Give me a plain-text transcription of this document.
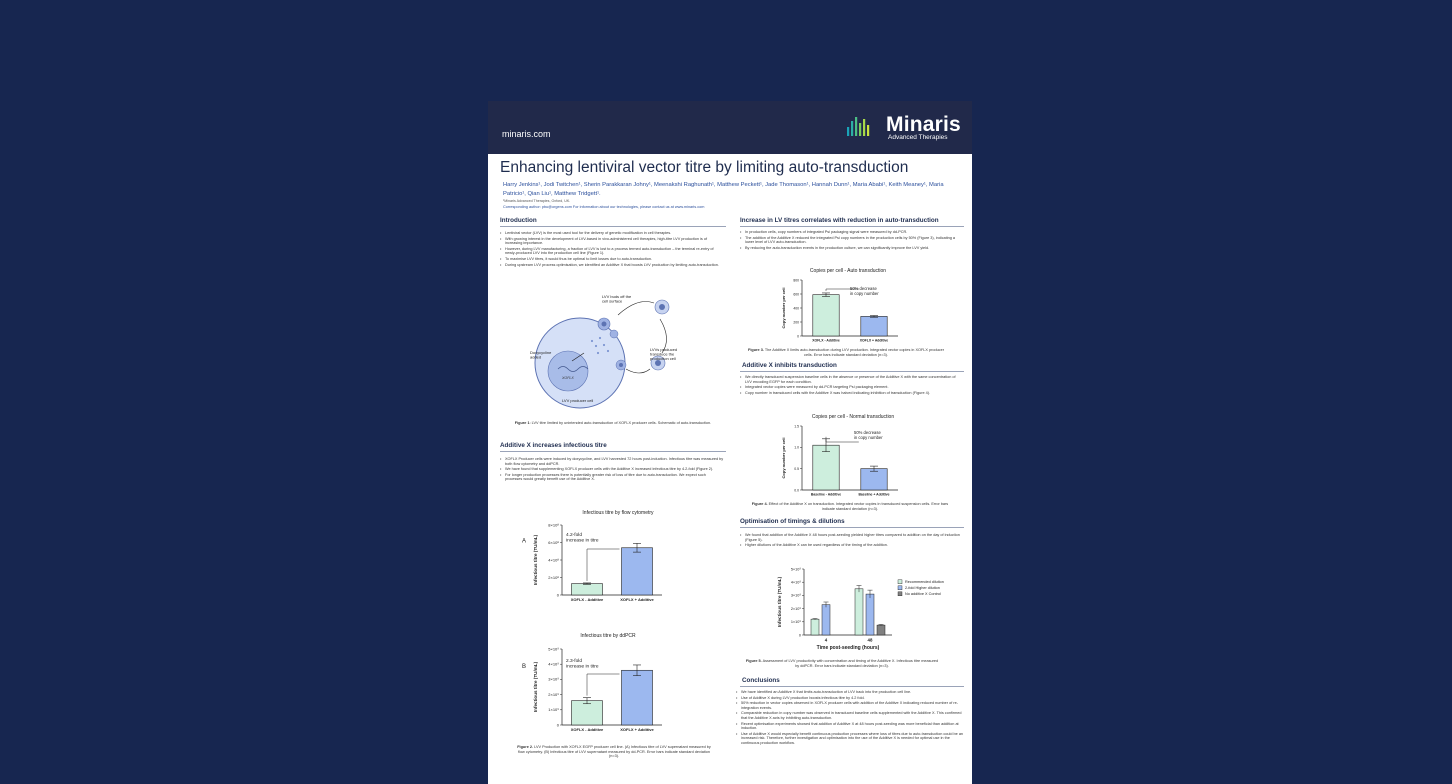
minaris.com	Minaris
Advanced Therapies
Enhancing lentiviral vector titre by limiting auto-transduction
Harry Jenkins¹, Jodi Twitchen¹, Sherin Parakkaran Johny¹, Meenakshi Raghunath¹, Matthew Peckett¹, Jade Thomason¹, Hannah Dunn¹, Maria Ababi¹, Keith Meaney¹, Maria Patricio¹, Qian Liu¹, Matthew Tridgett¹.
¹Minaris Advanced Therapies, Oxford, UK.
Corresponding author: pbu@orgens.com For information about our technologies, please contact us at www.minaris.com
Introduction
• Lentiviral vector (LVV) is the most used tool for the delivery of genetic modification in cell therapies.
• With growing interest in the development of LVV-based in vivo-administered cell therapies, high-titre LVV production is of increasing importance.
• However, during LVV manufacturing, a fraction of LVV is lost to a process termed auto-transduction – the terminal re-entry of newly-produced LVV into the production cell line (Figure 1).
• To maximise LVV titres, it would thus be optimal to limit losses due to auto-transduction.
• During upstream LVV process optimisation, we identified an Additive X that boosts LVV production by limiting auto-transduction.
XOFLX
LVV buds off the cell surface
Doxycycline added
LVVs produced transduce the production cell
LVV producer cell
Figure 1: LVV titre limited by unintended auto-transduction of XOFLX producer cells. Schematic of auto-transduction.
Additive X increases infectious titre
• XOFLX Producer cells were induced by doxycycline, and LVV harvested 72 hours post-induction. Infectious titre was measured by both flow cytometry and ddPCR.
• We have found that supplementing XOFLX producer cells with the Additive X increased infectious titre by 4.2-fold (Figure 2).
• For longer production processes there is potentially greater risk of loss of titre due to auto-transduction. We expect such processes would greatly benefit use of the Additive X.
Infectious titre by flow cytometry
0
2×10⁸
4×10⁸
6×10⁸
8×10⁸
Infectious titre (TU/mL)
XOFLX - Additive	XOFLX + Additive
4.2-fold increase in titre
A
Infectious titre by ddPCR
0
1×10⁹
2×10⁹
3×10⁹
4×10⁹
5×10⁹
Infectious titre (TU/mL)
XOFLX - Additive	XOFLX + Additive
2.3-fold increase in titre
B
Figure 2. LVV Production with XOFLX EGFP producer cell line. (A) Infectious titre of LVV supernatant measured by flow cytometry. (B) Infectious titre of LVV supernatant measured by dd-PCR. Error bars indicate standard deviation (n=3).
Increase in LV titres correlates with reduction in auto-transduction
• In production cells, copy numbers of integrated Psi packaging signal were measured by dd-PCR.
• The addition of the Additive X reduced the integrated Psi copy numbers in the production cells by 50% (Figure 3), indicating a lower level of LVV auto-transduction.
• By reducing the auto-transduction events in the production culture, we can significantly improve the LVV yield.
Copies per cell - Auto transduction
0
200
400
600
800
Copy number per cell
XOFLX - Additive	XOFLX + Additive
50% decrease in copy number
Figure 3. The Additive X limits auto-transduction during LVV production. Integrated vector copies in XOFLX producer cells. Error bars indicate standard deviation (n=3).
Additive X inhibits transduction
• We directly transduced suspension baseline cells in the absence or presence of the Additive X with the same concentration of LVV encoding EGFP for each condition.
• Integrated vector copies were measured by dd-PCR targeting Psi packaging element.
• Copy number in transduced cells with the Additive X was halved indicating inhibition of transduction (Figure 4).
Copies per cell - Normal transduction
0.0
0.5
1.0
1.5
Copy number per cell
Baseline - Additive	Baseline + Additive
50% decrease in copy number
Figure 4. Effect of the Additive X on transduction. Integrated vector copies in transduced suspension cells. Error bars indicate standard deviation (n=3).
Optimisation of timings & dilutions
• We found that addition of the Additive X 48 hours post-seeding yielded higher titres compared to addition on the day of induction (Figure 5).
• Higher dilutions of the Additive X can be used regardless of the timing of the addition.
0
1×10⁹
2×10⁹
3×10⁹
4×10⁹
5×10⁹
Infectious titre (TU/mL)
Time post-seeding (hours)
4	48
Recommended dilution
2-fold Higher dilution
No additive X Control
Figure 5. Assessment of LVV productivity with concentration and timing of the Additive X. Infectious titre measured by ddPCR. Error bars indicate standard deviation (n=3).
Conclusions
• We have identified an Additive X that limits auto-transduction of LVV back into the production cell line.
• Use of Additive X during LVV production boosts infectious titre by 4.2 fold.
• 50% reduction in vector copies observed in XOFLX producer cells with addition of the Additive X indicating reduced number of re-integration events.
• Comparable reduction in copy number was observed in transduced baseline cells supplemented with the Additive X. This confirmed that the Additive X acts by inhibiting auto-transduction.
• Recent optimisation experiments showed that addition of Additive X at 48 hours post-seeding was more beneficial than addition at induction.
• Use of Additive X would especially benefit continuous production processes where loss of titres due to auto-transduction could be an increased risk. Therefore, further investigation and optimisation into the use of the Additive X is needed for optimal use in the continuous production workflow.
